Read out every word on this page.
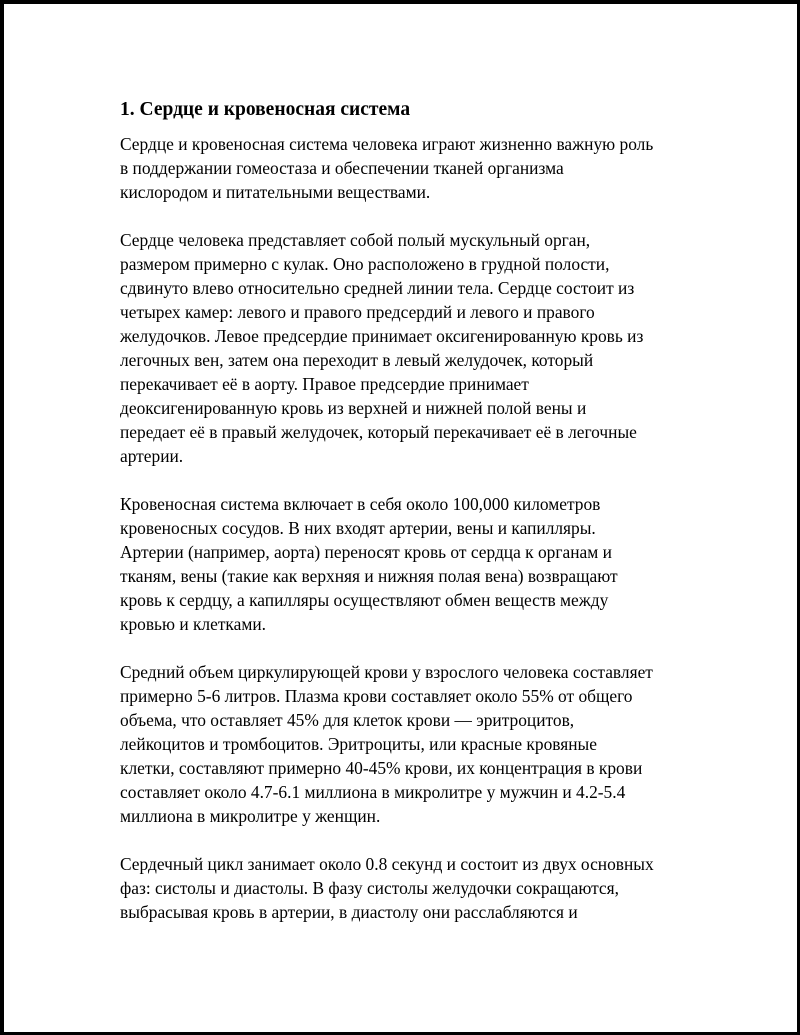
1. Сердце и кровеносная система

Сердце и кровеносная система человека играют жизненно важную роль
в поддержании гомеостаза и обеспечении тканей организма
кислородом и питательными веществами.

Сердце человека представляет собой полый мускульный орган,
размером примерно с кулак. Оно расположено в грудной полости,
сдвинуто влево относительно средней линии тела. Сердце состоит из
четырех камер: левого и правого предсердий и левого и правого
желудочков. Левое предсердие принимает оксигенированную кровь из
легочных вен, затем она переходит в левый желудочек, который
перекачивает её в аорту. Правое предсердие принимает
деоксигенированную кровь из верхней и нижней полой вены и
передает её в правый желудочек, который перекачивает её в легочные
артерии.

Кровеносная система включает в себя около 100,000 километров
кровеносных сосудов. В них входят артерии, вены и капилляры.
Артерии (например, аорта) переносят кровь от сердца к органам и
тканям, вены (такие как верхняя и нижняя полая вена) возвращают
кровь к сердцу, а капилляры осуществляют обмен веществ между
кровью и клетками.

Средний объем циркулирующей крови у взрослого человека составляет
примерно 5-6 литров. Плазма крови составляет около 55% от общего
объема, что оставляет 45% для клеток крови — эритроцитов,
лейкоцитов и тромбоцитов. Эритроциты, или красные кровяные
клетки, составляют примерно 40-45% крови, их концентрация в крови
составляет около 4.7-6.1 миллиона в микролитре у мужчин и 4.2-5.4
миллиона в микролитре у женщин.

Сердечный цикл занимает около 0.8 секунд и состоит из двух основных
фаз: систолы и диастолы. В фазу систолы желудочки сокращаются,
выбрасывая кровь в артерии, в диастолу они расслабляются и
